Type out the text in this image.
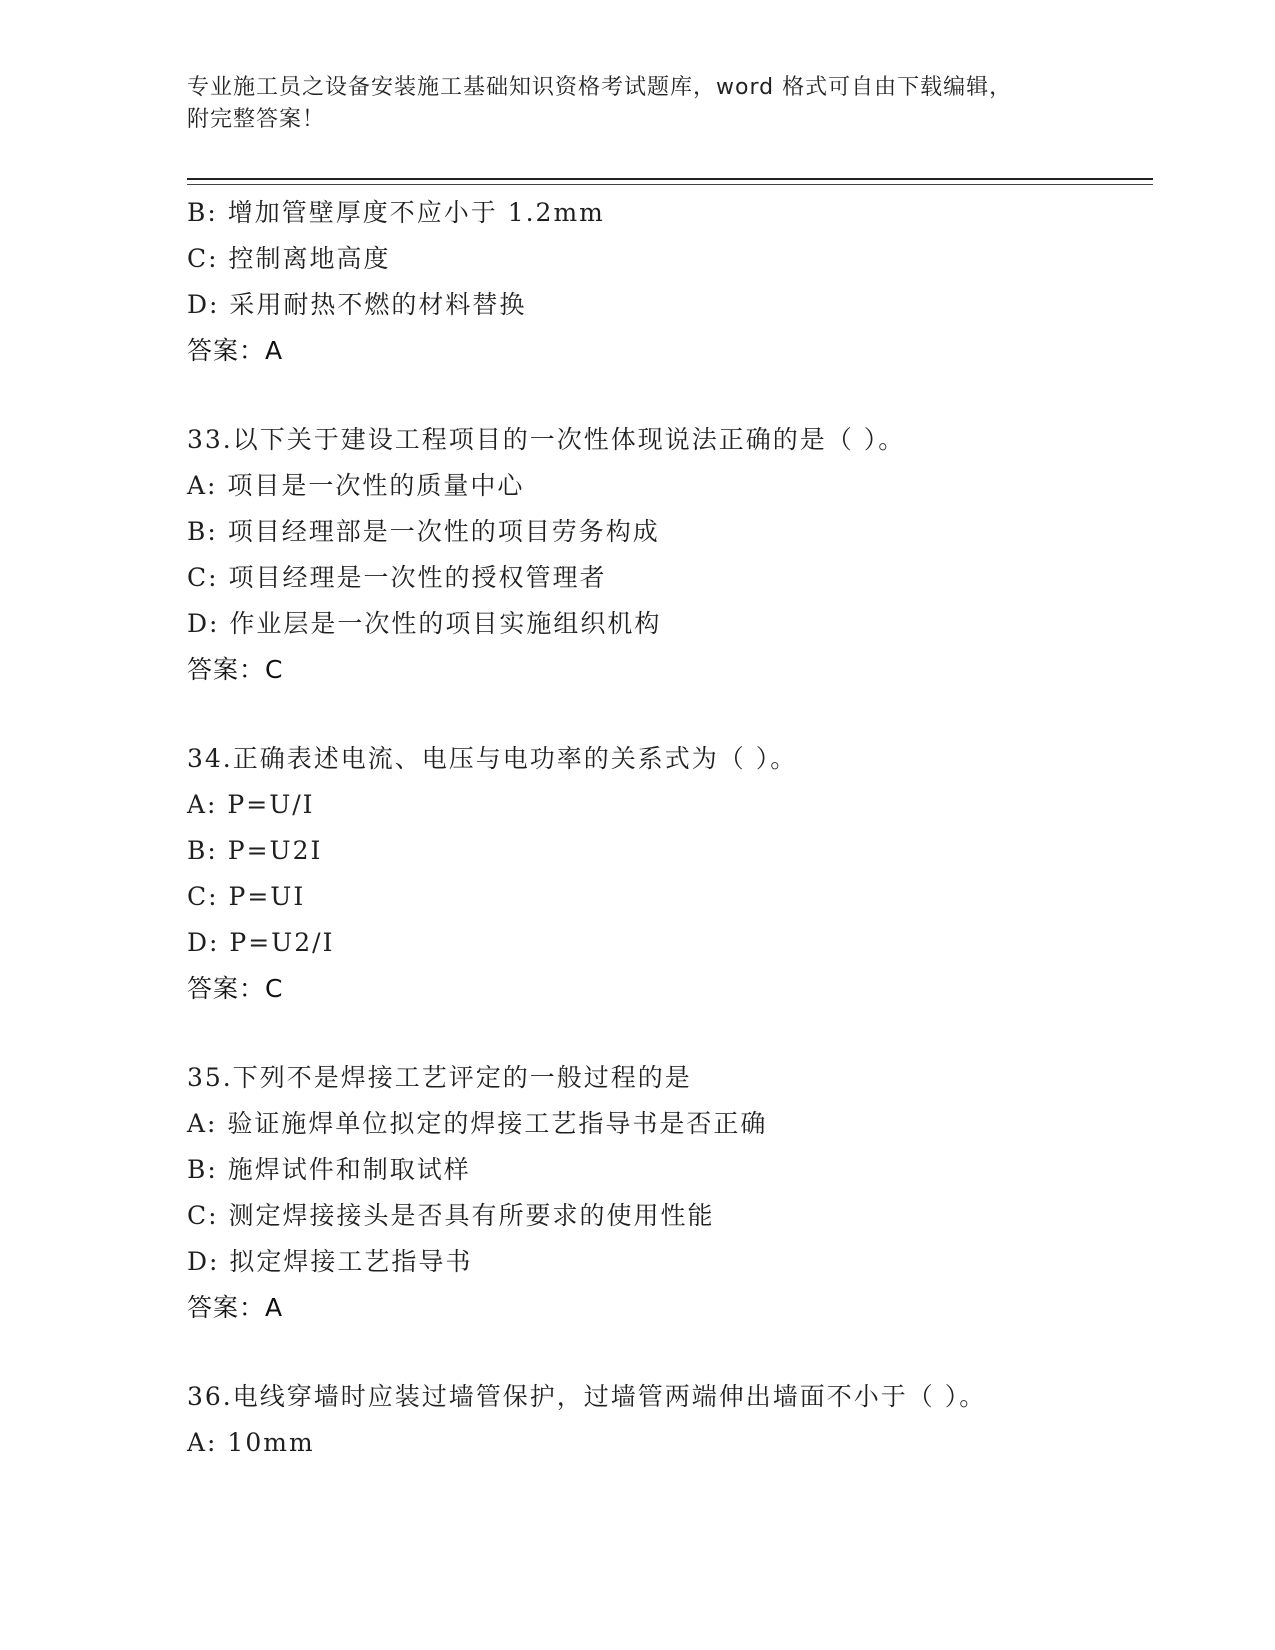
专业施工员之设备安装施工基础知识资格考试题库，word 格式可自由下载编辑，
附完整答案！
B: 增加管壁厚度不应小于 1.2mm
C: 控制离地高度
D: 采用耐热不燃的材料替换
答案：A
33.以下关于建设工程项目的一次性体现说法正确的是（ ）。
A: 项目是一次性的质量中心
B: 项目经理部是一次性的项目劳务构成
C: 项目经理是一次性的授权管理者
D: 作业层是一次性的项目实施组织机构
答案：C
34.正确表述电流、电压与电功率的关系式为（ ）。
A: P=U/I
B: P=U2I
C: P=UI
D: P=U2/I
答案：C
35.下列不是焊接工艺评定的一般过程的是
A: 验证施焊单位拟定的焊接工艺指导书是否正确
B: 施焊试件和制取试样
C: 测定焊接接头是否具有所要求的使用性能
D: 拟定焊接工艺指导书
答案：A
36.电线穿墙时应装过墙管保护，过墙管两端伸出墙面不小于（ ）。
A: 10mm
